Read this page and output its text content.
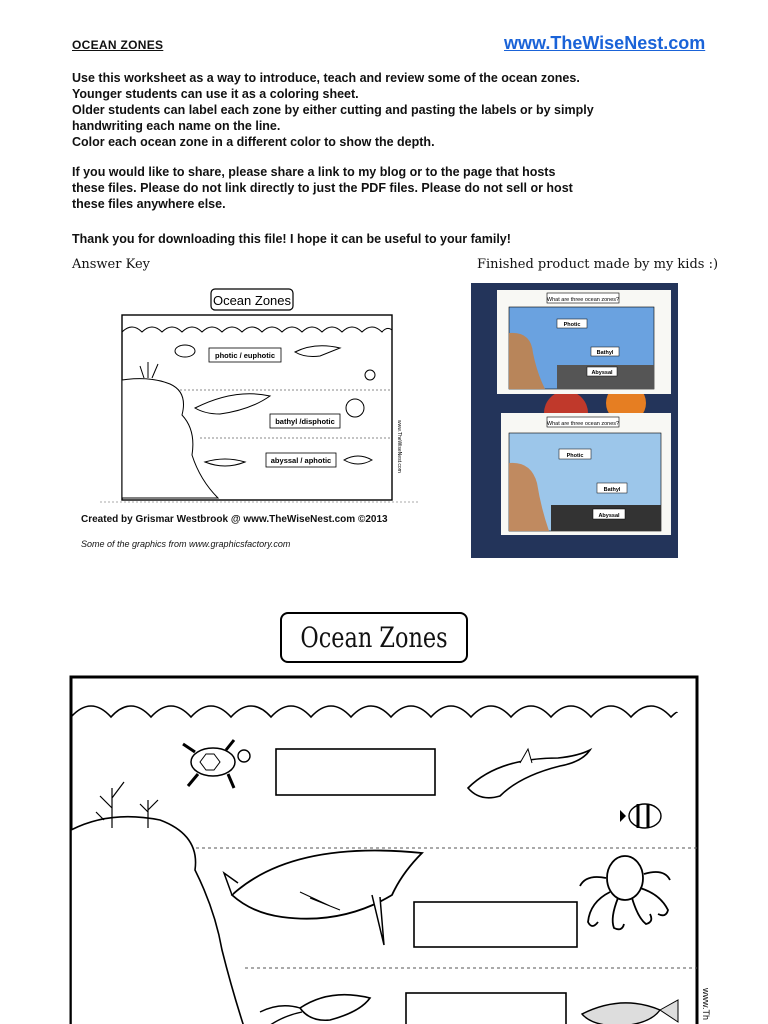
OCEAN ZONES	www.TheWiseNest.com

Use this worksheet as a way to introduce, teach and review some of the ocean zones.
Younger students can use it as a coloring sheet.
Older students can label each zone by either cutting and pasting the labels or by simply
handwriting each name on the line.
Color each ocean zone in a different color to show the depth.

If you would like to share, please share a link to my blog or to the page that hosts
these files. Please do not link directly to just the PDF files. Please do not sell or host
these files anywhere else.

Thank you for downloading this file! I hope it can be useful to your family!

Answer Key	Finished product made by my kids :)
Ocean Zones
photic / euphotic
bathyl /disphotic
abyssal / aphotic	www.TheWiseNest.com
Created by Grismar Westbrook @ www.TheWiseNest.com ©2013
Some of the graphics from www.graphicsfactory.com
What are three ocean zones?
Photic
Bathyl
Abyssal
What are three ocean zones?
Photic
Bathyl
Abyssal
Ocean Zones
www.Th
